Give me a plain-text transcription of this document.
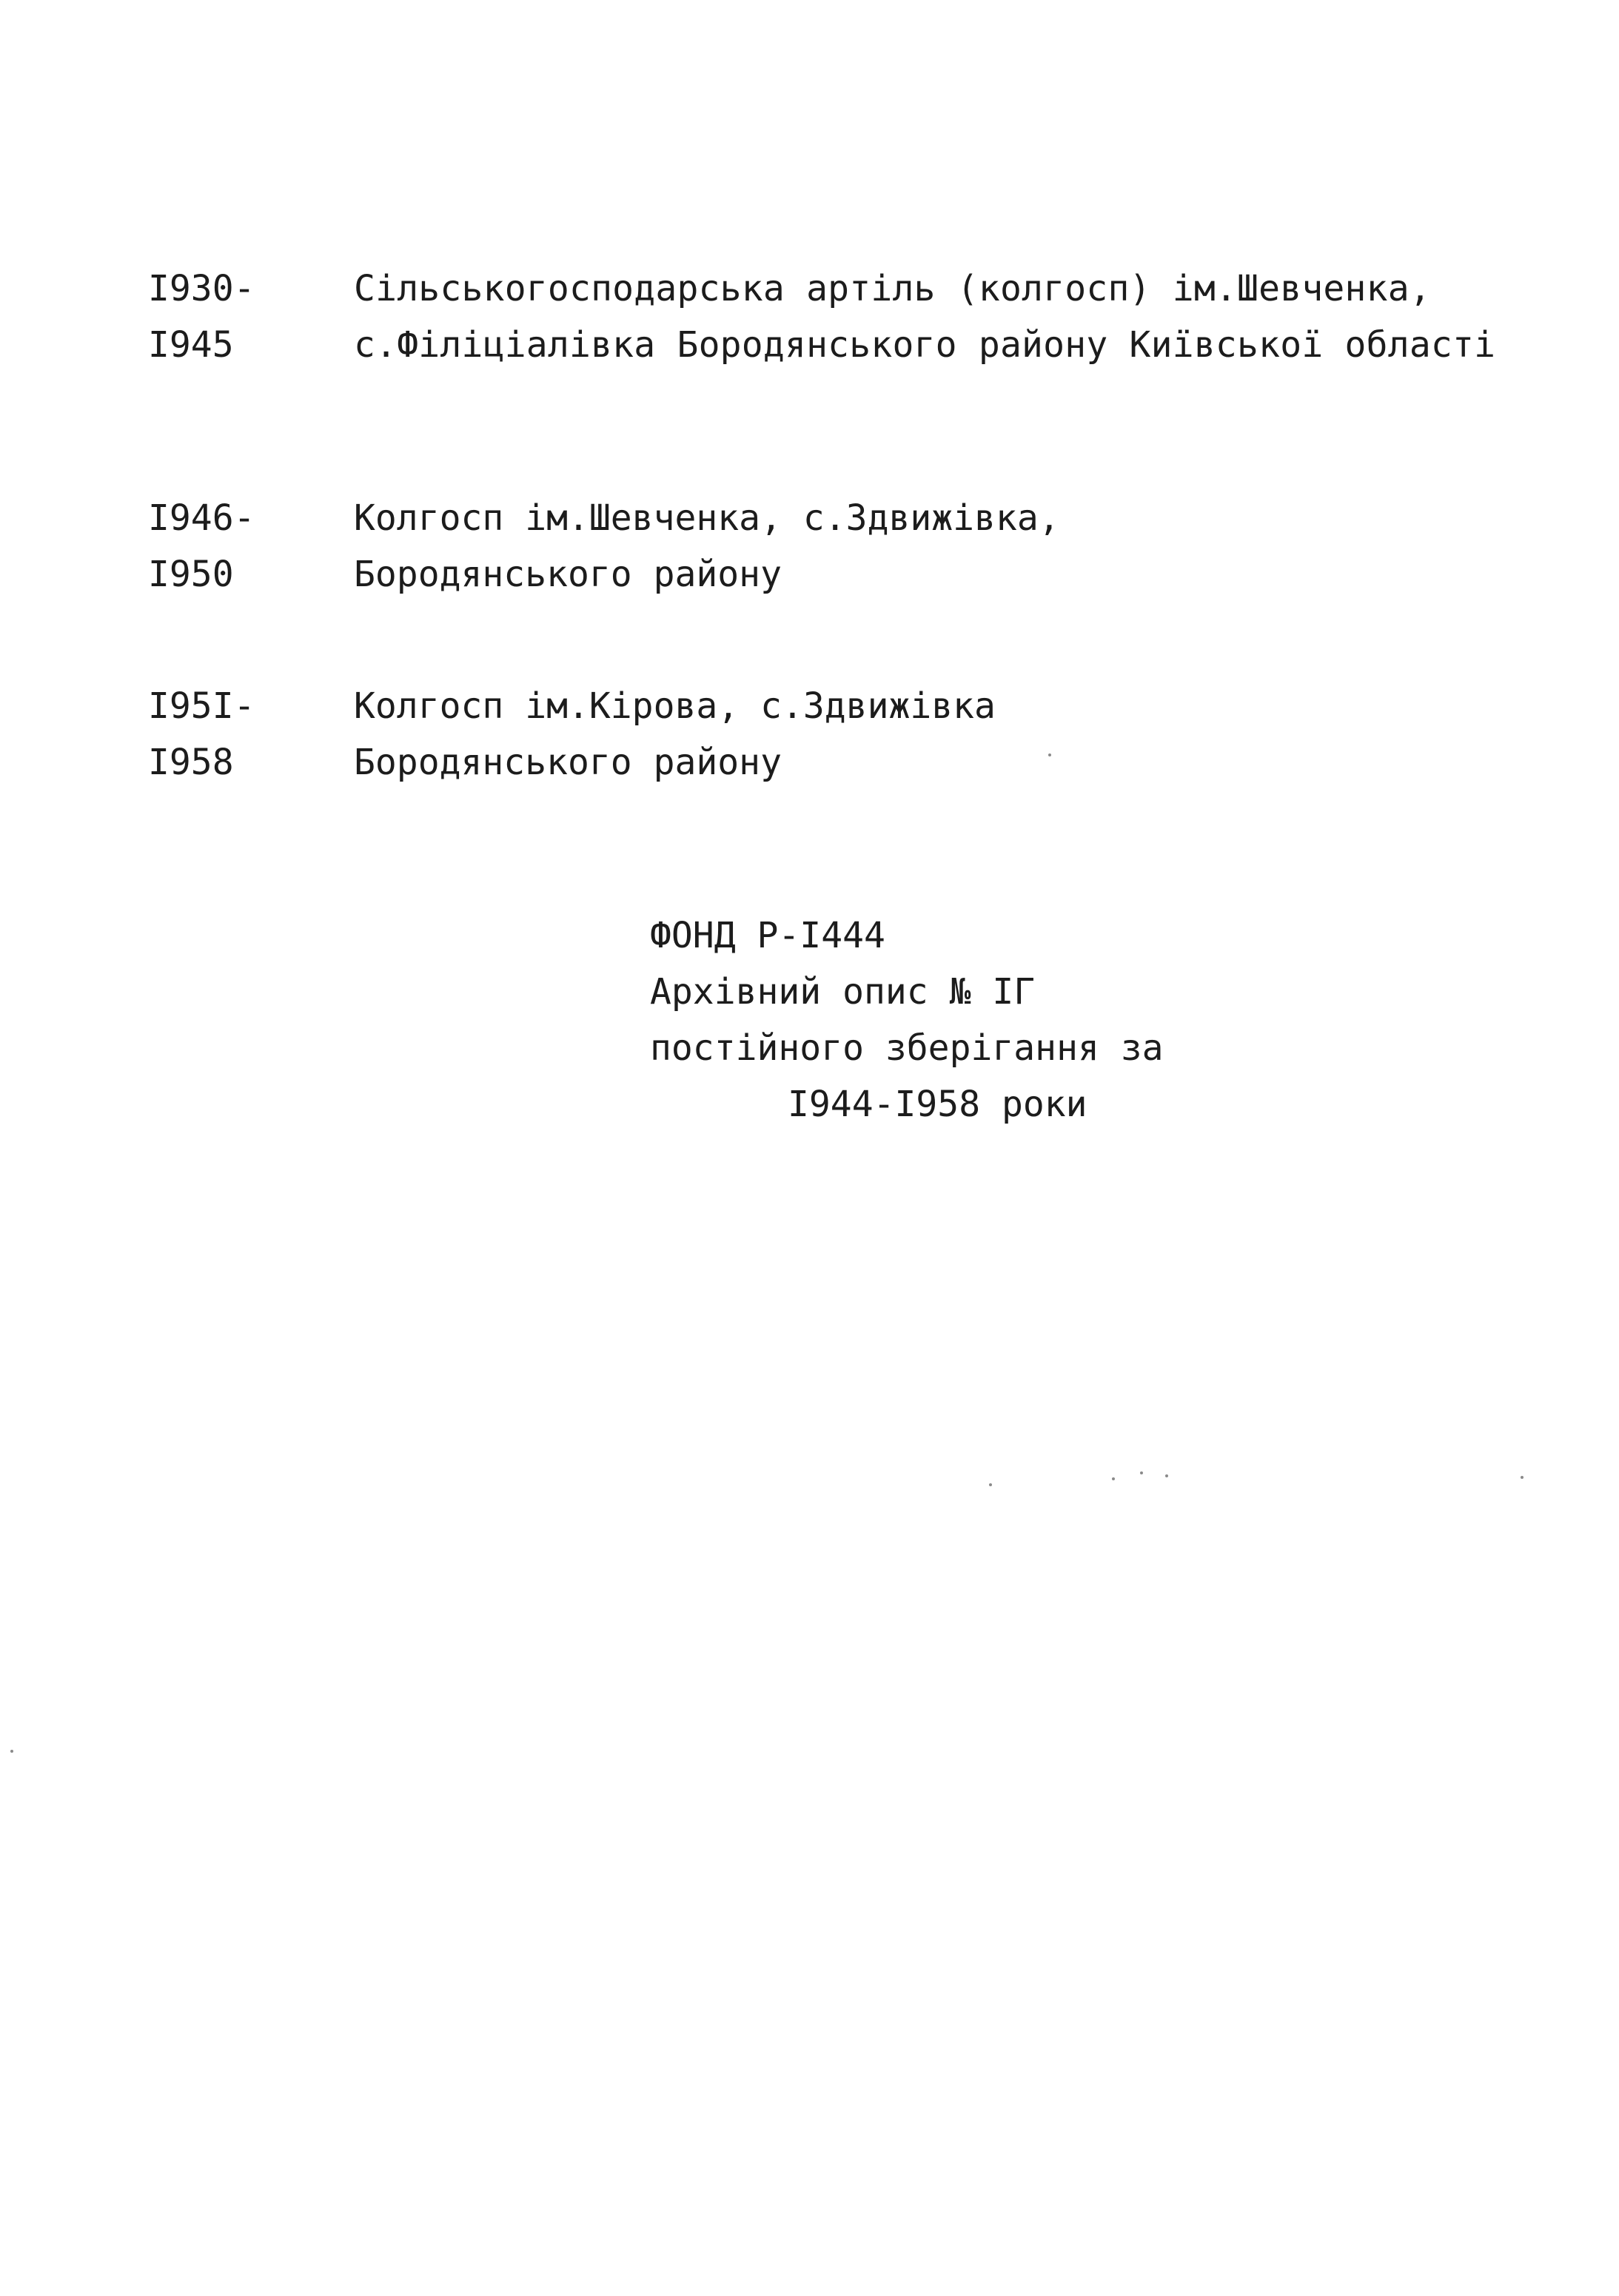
I930-
I945
Сільськогосподарська артіль (колгосп) ім.Шевченка,
с.Філіціалівка Бородянського району Київської області
I946-
I950
Колгосп ім.Шевченка, с.Здвижівка,
Бородянського району
I95I-
I958
Колгосп ім.Кірова, с.Здвижівка
Бородянського району
ФОНД Р-I444
Архівний опис № IГ
постійного зберігання за
I944-I958 роки
